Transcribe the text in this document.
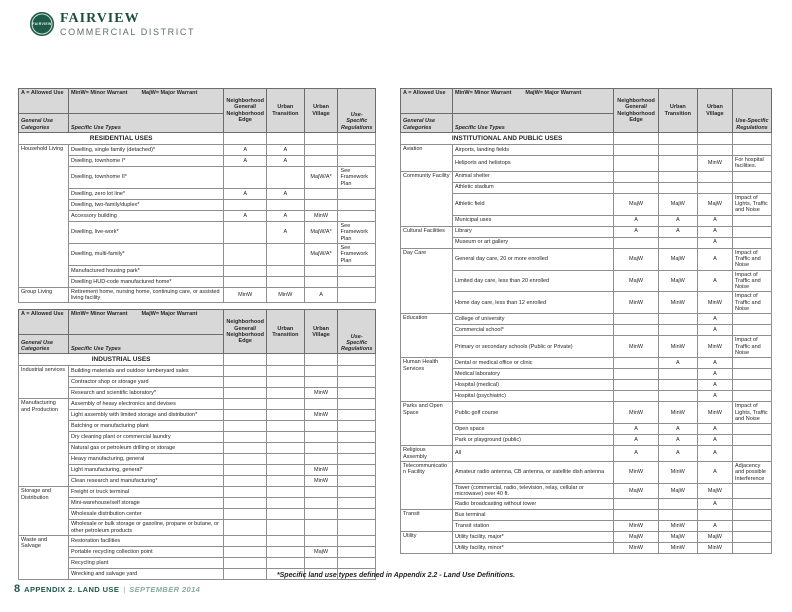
FAIRVIEW FAIRVIEW
COMMERCIAL DISTRICT
A = Allowed Use	MinW= Minor Warrant MajW= Major Warrant	Neighborhood General/ Neighborhood Edge	Urban Transition	Urban Village	Use-Specific Regulations
General Use Categories	Specific Use Types				
RESIDENTIAL USES					
Household Living	Dwelling, single family (detached)*	A	A		
	Dwelling, townhome I*	A	A		
	Dwelling, townhome II*			MajW/A*	See Framework Plan
	Dwelling, zero lot line*	A	A		
	Dwelling, two-family/duplex*				
	Accessory building	A	A	MinW	
	Dwelling, live-work*		A	MajW/A*	See Framework Plan
	Dwelling, multi-family*			MajW/A*	See Framework Plan
	Manufactured housing park*				
	Dwelling HUD-code manufactured home*				
Group Living	Retirement home, nursing home, continuing care, or assisted living facility	MinW	MinW	A	
A = Allowed Use	MinW= Minor Warrant MajW= Major Warrant	Neighborhood General/ Neighborhood Edge	Urban Transition	Urban Village	Use-Specific Regulations
General Use Categories	Specific Use Types				
INDUSTRIAL USES					
Industrial services	Building materials and outdoor lumberyard sales				
	Contractor shop or storage yard				
	Research and scientific laboratory*			MinW	
Manufacturing and Production	Assembly of heavy electronics and devises				
	Light assembly with limited storage and distribution*			MinW	
	Batching or manufacturing plant				
	Dry cleaning plant or commercial laundry				
	Natural gas or petroleum drilling or storage				
	Heavy manufacturing, general				
	Light manufacturing, general*			MinW	
	Clean research and manufacturing*			MinW	
Storage and Distribution	Freight or truck terminal				
	Mini-warehouse/self storage				
	Wholesale distribution center				
	Wholesale or bulk storage or gasoline, propane or butane, or other petroleum products				
Waste and Salvage	Restoration facilities				
	Portable recycling collection point			MajW	
	Recycling plant				
	Wrecking and salvage yard				
A = Allowed Use	MinW= Minor Warrant MajW= Major Warrant	Neighborhood General/ Neighborhood Edge	Urban Transition	Urban Village	Use-Specific Regulations
General Use Categories	Specific Use Types				
INSTITUTIONAL AND PUBLIC USES					
Aviation	Airports, landing fields				
	Heliports and helistops			MinW	For hospital facilities.
Community Facility	Animal shelter				
	Athletic stadium				
	Athletic field	MajW	MajW	MajW	Impact of Lights, Traffic and Noise
	Municipal uses	A	A	A	
Cultural Facilities	Library	A	A	A	
	Museum or art gallery			A	
Day Care	General day care, 20 or more enrolled	MajW	MajW	A	Impact of Traffic and Noise
	Limited day care, less than 20 enrolled	MajW	MajW	A	Impact of Traffic and Noise
	Home day care, less than 12 enrolled	MinW	MinW	MinW	Impact of Traffic and Noise
Education	College of university			A	
	Commercial school*			A	
	Primary or secondary schools (Public or Private)	MinW	MinW	MinW	Impact of Traffic and Noise
Human Health Services	Dental or medical office or clinic		A	A	
	Medical laboratory			A	
	Hospital (medical)			A	
	Hospital (psychiatric)			A	
Parks and Open Space	Public golf course	MinW	MinW	MinW	Impact of Lights, Traffic and Noise
	Open space	A	A	A	
	Park or playground (public)	A	A	A	
Religious Assembly	All	A	A	A	
Telecommunication Facility	Amateur radio antenna, CB antenna, or satellite dish antenna	MinW	MinW	A	Adjacency and possible Interference
	Tower (commercial, radio, television, relay, cellular or microwave) over 40 ft.	MajW	MajW	MajW	
	Radio broadcasting without tower			A	
Transit	Bus terminal				
	Transit station	MinW	MinW	A	
Utility	Utility facility, major*	MajW	MajW	MajW	
	Utility facility, minor*	MinW	MinW	MinW	
*Specific land use types defined in Appendix 2.2 - Land Use Definitions.
8 APPENDIX 2. LAND USE | SEPTEMBER 2014
